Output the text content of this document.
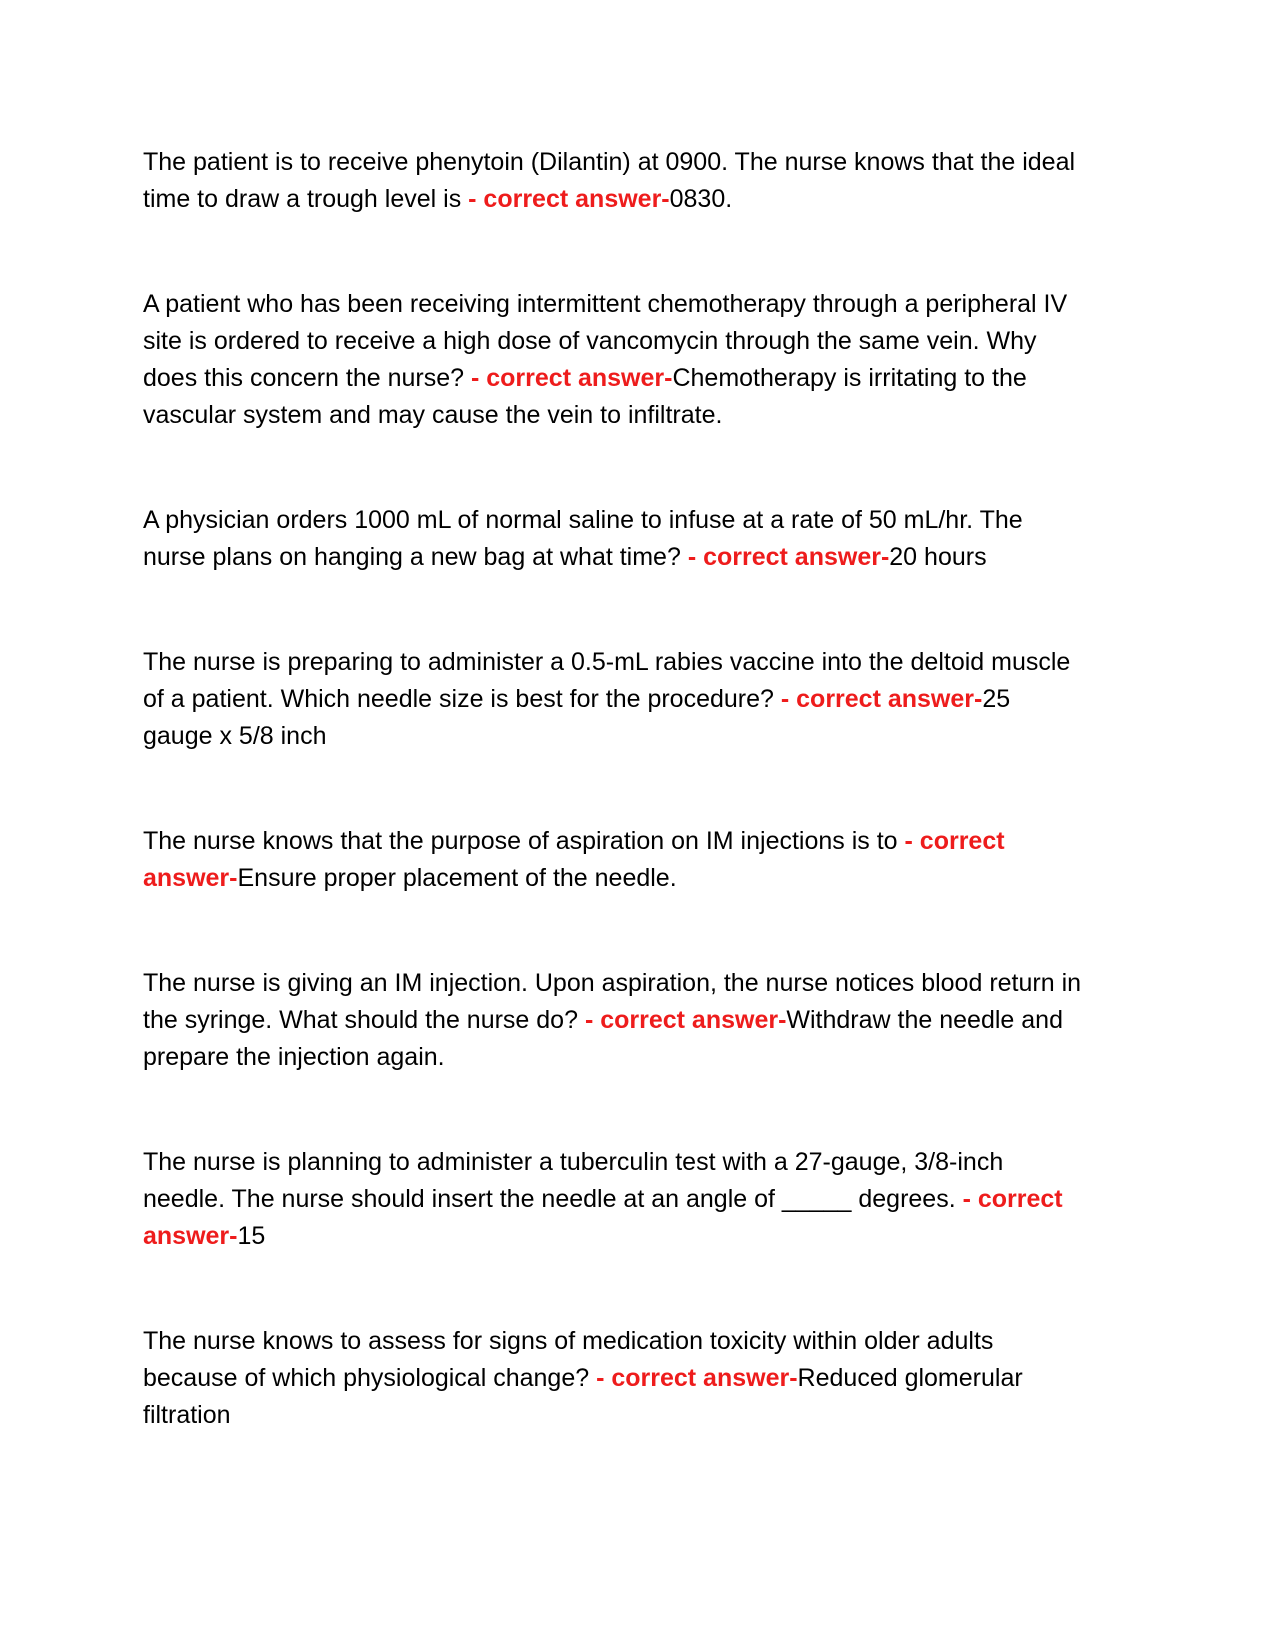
The patient is to receive phenytoin (Dilantin) at 0900. The nurse knows that the ideal time to draw a trough level is - correct answer-0830.

A patient who has been receiving intermittent chemotherapy through a peripheral IV site is ordered to receive a high dose of vancomycin through the same vein. Why does this concern the nurse? - correct answer-Chemotherapy is irritating to the vascular system and may cause the vein to infiltrate.

A physician orders 1000 mL of normal saline to infuse at a rate of 50 mL/hr. The nurse plans on hanging a new bag at what time? - correct answer-20 hours

The nurse is preparing to administer a 0.5-mL rabies vaccine into the deltoid muscle of a patient. Which needle size is best for the procedure? - correct answer-25 gauge x 5/8 inch

The nurse knows that the purpose of aspiration on IM injections is to - correct answer-Ensure proper placement of the needle.

The nurse is giving an IM injection. Upon aspiration, the nurse notices blood return in the syringe. What should the nurse do? - correct answer-Withdraw the needle and prepare the injection again.

The nurse is planning to administer a tuberculin test with a 27-gauge, 3/8-inch needle. The nurse should insert the needle at an angle of _____ degrees. - correct answer-15

The nurse knows to assess for signs of medication toxicity within older adults because of which physiological change? - correct answer-Reduced glomerular filtration
